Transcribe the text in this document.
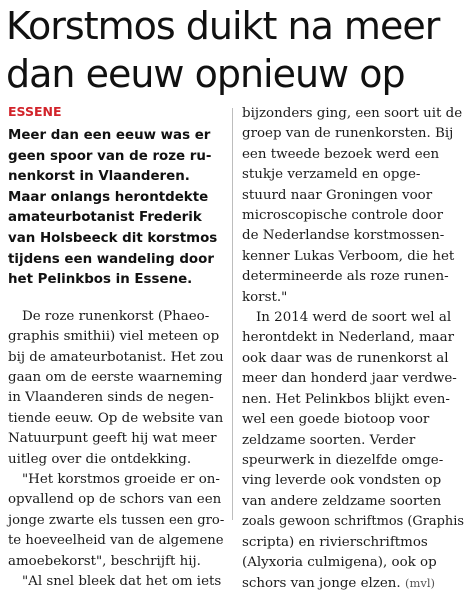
Korstmos duikt na meer
dan eeuw opnieuw op
ESSENE
Meer dan een eeuw was er
geen spoor van de roze ru-
nenkorst in Vlaanderen.
Maar onlangs herontdekte
amateurbotanist Frederik
van Holsbeeck dit korstmos
tijdens een wandeling door
het Pelinkbos in Essene.
De roze runenkorst (Phaeo-
graphis smithii) viel meteen op
bij de amateurbotanist. Het zou
gaan om de eerste waarneming
in Vlaanderen sinds de negen-
tiende eeuw. Op de website van
Natuurpunt geeft hij wat meer
uitleg over die ontdekking.
"Het korstmos groeide er on-
opvallend op de schors van een
jonge zwarte els tussen een gro-
te hoeveelheid van de algemene
amoebekorst", beschrijft hij.
"Al snel bleek dat het om iets
bijzonders ging, een soort uit de
groep van de runenkorsten. Bij
een tweede bezoek werd een
stukje verzameld en opge-
stuurd naar Groningen voor
microscopische controle door
de Nederlandse korstmossen-
kenner Lukas Verboom, die het
determineerde als roze runen-
korst."
In 2014 werd de soort wel al
herontdekt in Nederland, maar
ook daar was de runenkorst al
meer dan honderd jaar verdwe-
nen. Het Pelinkbos blijkt even-
wel een goede biotoop voor
zeldzame soorten. Verder
speurwerk in diezelfde omge-
ving leverde ook vondsten op
van andere zeldzame soorten
zoals gewoon schriftmos (Graphis
scripta) en rivierschriftmos
(Alyxoria culmigena), ook op
schors van jonge elzen. (mvl)
